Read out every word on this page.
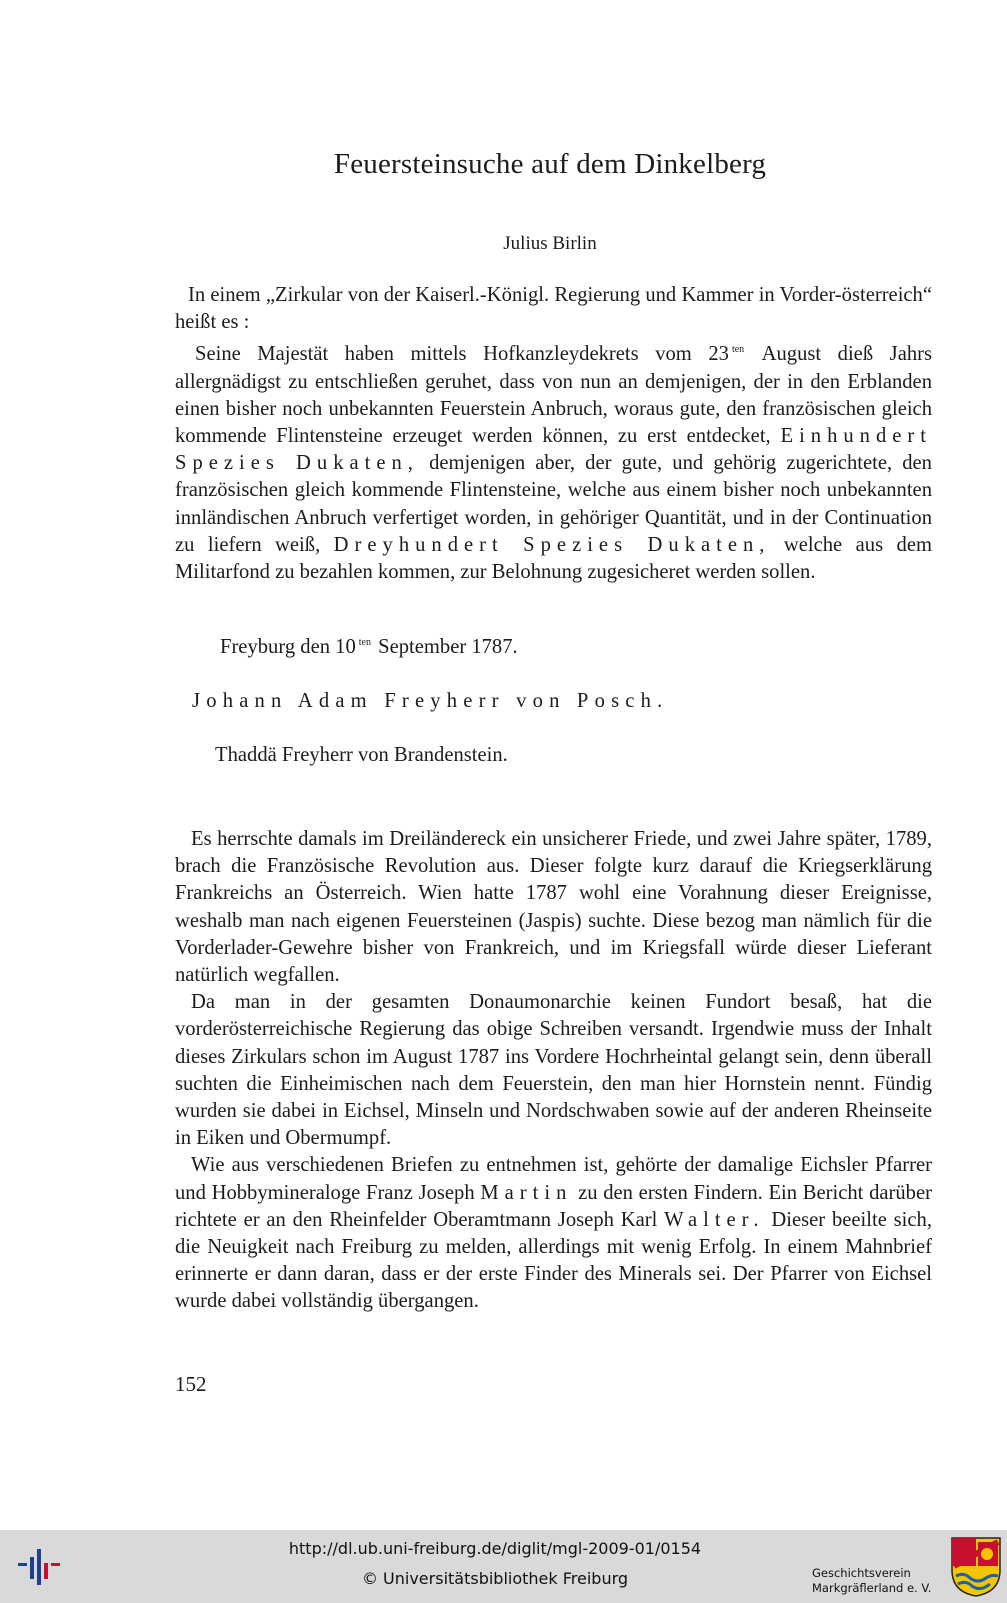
Feuersteinsuche auf dem Dinkelberg
Julius Birlin

In einem „Zirkular von der Kaiserl.-Königl. Regierung und Kammer in Vorder-österreich“ heißt es :

Seine Majestät haben mittels Hofkanzleydekrets vom 23 $^{ten}$ August dieß Jahrs allergnädigst zu entschließen geruhet, dass von nun an demjenigen, der in den Erblanden einen bisher noch unbekannten Feuerstein Anbruch, woraus gute, den französischen gleich kommende Flintensteine erzeuget werden können, zu erst entdecket, Einhundert Spezies Dukaten, demjenigen aber, der gute, und gehörig zugerichtete, den französischen gleich kommende Flintensteine, welche aus einem bisher noch unbekannten innländischen Anbruch verfertiget worden, in gehöriger Quantität, und in der Continuation zu liefern weiß, Dreyhundert Spezies Dukaten, welche aus dem Militarfond zu bezahlen kommen, zur Belohnung zugesicheret werden sollen.

Freyburg den 10 $^{ten}$ September 1787.
Johann Adam Freyherr von Posch.
Thaddä Freyherr von Brandenstein.

Es herrschte damals im Dreiländereck ein unsicherer Friede, und zwei Jahre später, 1789, brach die Französische Revolution aus. Dieser folgte kurz darauf die Kriegserklärung Frankreichs an Österreich. Wien hatte 1787 wohl eine Vorahnung dieser Ereignisse, weshalb man nach eigenen Feuersteinen (Jaspis) suchte. Diese bezog man nämlich für die Vorderlader-Gewehre bisher von Frankreich, und im Kriegsfall würde dieser Lieferant natürlich wegfallen.

Da man in der gesamten Donaumonarchie keinen Fundort besaß, hat die vorderösterreichische Regierung das obige Schreiben versandt. Irgendwie muss der Inhalt dieses Zirkulars schon im August 1787 ins Vordere Hochrheintal gelangt sein, denn überall suchten die Einheimischen nach dem Feuerstein, den man hier Hornstein nennt. Fündig wurden sie dabei in Eichsel, Minseln und Nordschwaben sowie auf der anderen Rheinseite in Eiken und Obermumpf.

Wie aus verschiedenen Briefen zu entnehmen ist, gehörte der damalige Eichsler Pfarrer und Hobbymineraloge Franz Joseph Martin zu den ersten Findern. Ein Bericht darüber richtete er an den Rheinfelder Oberamtmann Joseph Karl Walter. Dieser beeilte sich, die Neuigkeit nach Freiburg zu melden, allerdings mit wenig Erfolg. In einem Mahnbrief erinnerte er dann daran, dass er der erste Finder des Minerals sei. Der Pfarrer von Eichsel wurde dabei vollständig übergangen.

152
http://dl.ub.uni-freiburg.de/diglit/mgl-2009-01/0154
© Universitätsbibliothek Freiburg	Geschichtsverein
Markgräflerland e. V.
